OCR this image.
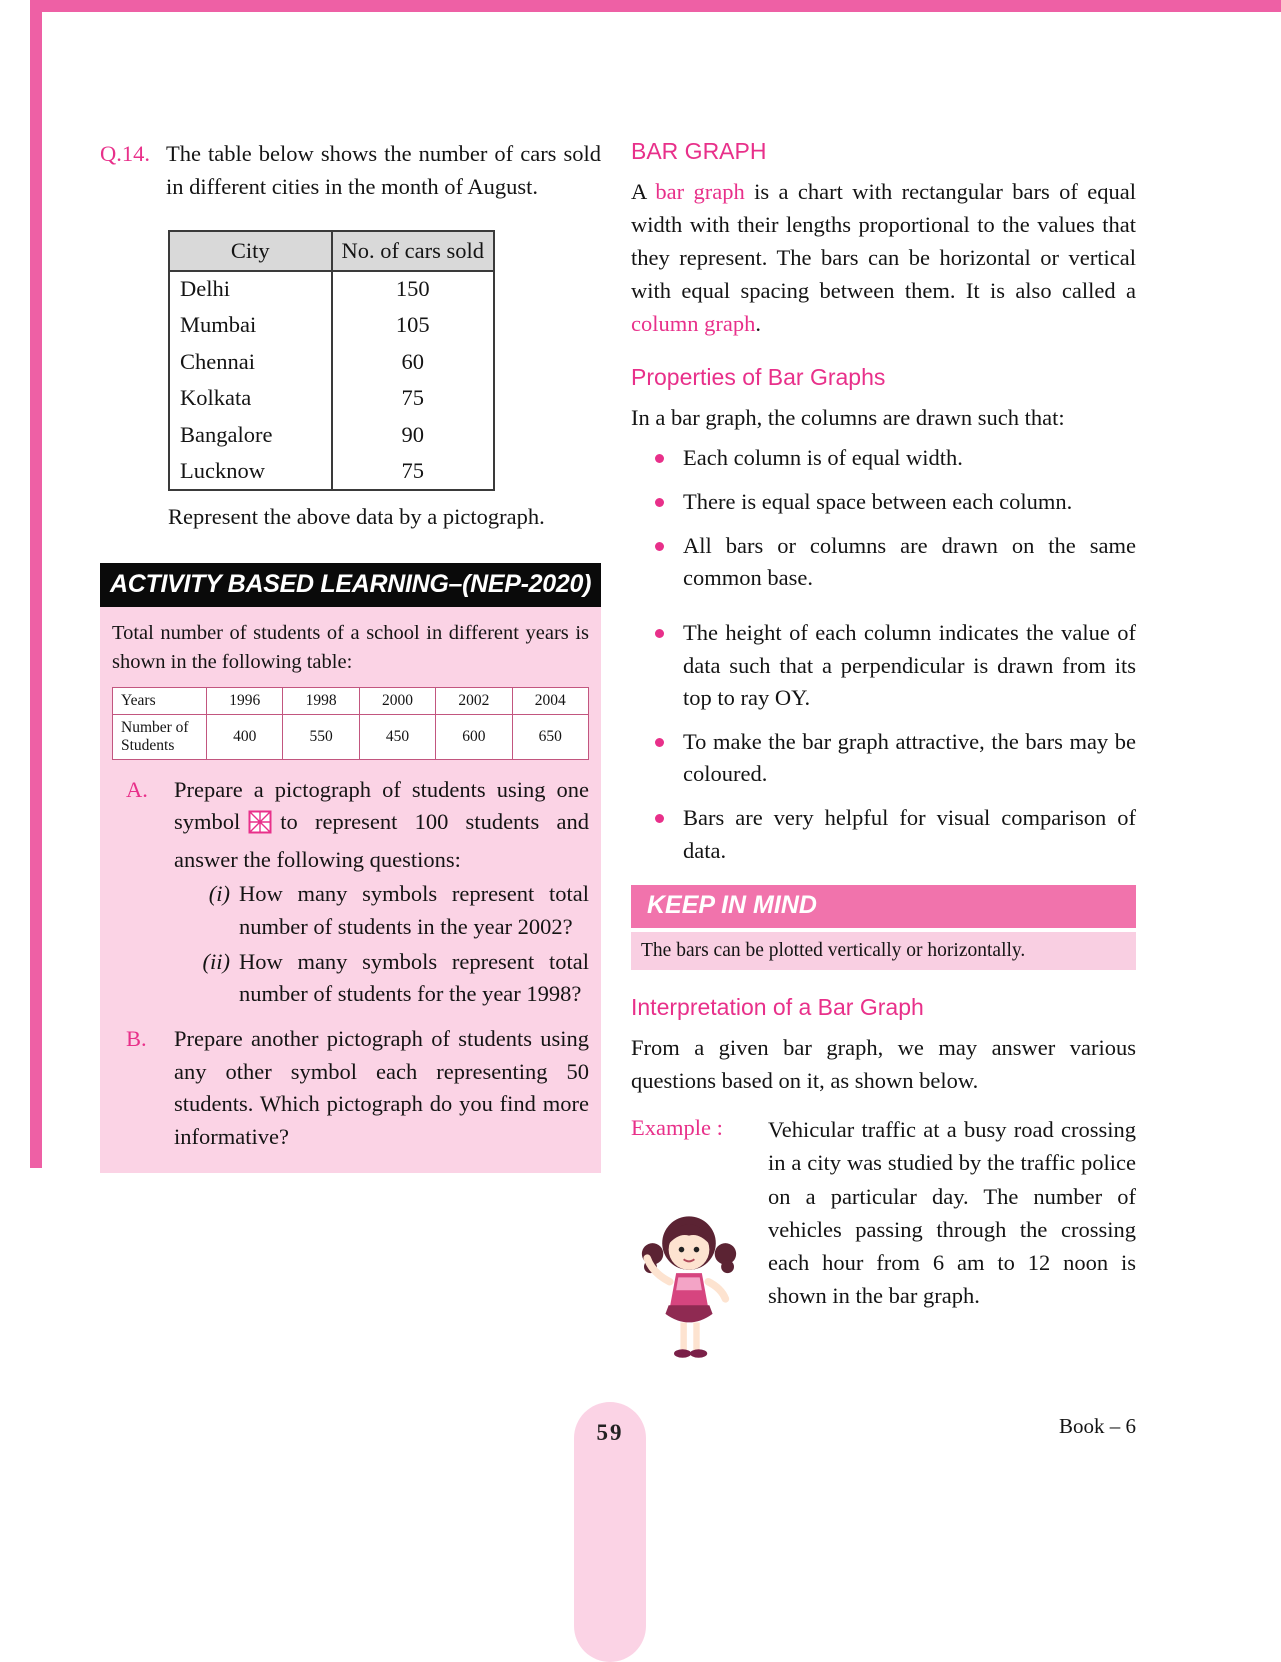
Q.14. The table below shows the number of cars sold in different cities in the month of August.
City	No. of cars sold
Delhi	150
Mumbai	105
Chennai	60
Kolkata	75
Bangalore	90
Lucknow	75
Represent the above data by a pictograph.
ACTIVITY BASED LEARNING–(NEP-2020)
Total number of students of a school in different years is shown in the following table:
Years	1996	1998	2000	2002	2004
Number of Students	400	550	450	600	650
A.	Prepare a pictograph of students using one symbol to represent 100 students and answer the following questions:
(i) How many symbols represent total number of students in the year 2002?
(ii) How many symbols represent total number of students for the year 1998?
B.	Prepare another pictograph of students using any other symbol each representing 50 students. Which pictograph do you find more informative?
BAR GRAPH
A bar graph is a chart with rectangular bars of equal width with their lengths proportional to the values that they represent. The bars can be horizontal or vertical with equal spacing between them. It is also called a column graph.
Properties of Bar Graphs
In a bar graph, the columns are drawn such that:
Each column is of equal width.
There is equal space between each column.
All bars or columns are drawn on the same common base.
The height of each column indicates the value of data such that a perpendicular is drawn from its top to ray OY.
To make the bar graph attractive, the bars may be coloured.
Bars are very helpful for visual comparison of data.
KEEP IN MIND
The bars can be plotted vertically or horizontally.
Interpretation of a Bar Graph
From a given bar graph, we may answer various questions based on it, as shown below.
Example : Vehicular traffic at a busy road crossing in a city was studied by the traffic police on a particular day. The number of vehicles passing through the crossing each hour from 6 am to 12 noon is shown in the bar graph.
59	Book – 6
